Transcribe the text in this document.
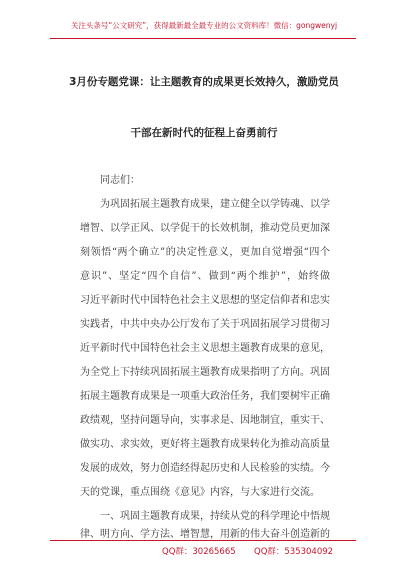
关注头条号“公文研究”，获得最新最全最专业的公文资料库！微信：gongwenyj
3月份专题党课：让主题教育的成果更长效持久，激励党员
干部在新时代的征程上奋勇前行
同志们：
为巩固拓展主题教育成果，建立健全以学铸魂、以学
增智、以学正风、以学促干的长效机制，推动党员更加深
刻领悟“两个确立”的决定性意义，更加自觉增强“四个
意识”、坚定“四个自信”、做到“两个维护”，始终做
习近平新时代中国特色社会主义思想的坚定信仰者和忠实
实践者，中共中央办公厅发布了关于巩固拓展学习贯彻习
近平新时代中国特色社会主义思想主题教育成果的意见，
为全党上下持续巩固拓展主题教育成果指明了方向。巩固
拓展主题教育成果是一项重大政治任务，我们要树牢正确
政绩观，坚持问题导向，实事求是、因地制宜，重实干、
做实功、求实效，更好将主题教育成果转化为推动高质量
发展的成效，努力创造经得起历史和人民检验的实绩。今
天的党课，重点围绕《意见》内容，与大家进行交流。
一、巩固主题教育成果，持续从党的科学理论中悟规
律、明方向、学方法、增智慧，用新的伟大奋斗创造新的
QQ群：30265665 QQ群：535304092
